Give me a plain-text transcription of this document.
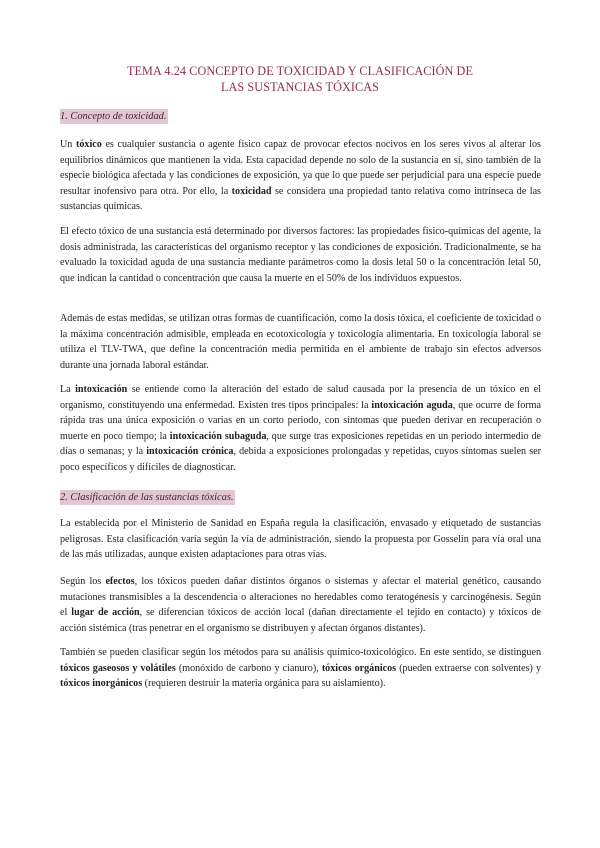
TEMA 4.24 CONCEPTO DE TOXICIDAD Y CLASIFICACIÓN DE
LAS SUSTANCIAS TÓXICAS
1. Concepto de toxicidad.

Un tóxico es cualquier sustancia o agente físico capaz de provocar efectos nocivos en los seres vivos al alterar los equilibrios dinámicos que mantienen la vida. Esta capacidad depende no solo de la sustancia en sí, sino también de la especie biológica afectada y las condiciones de exposición, ya que lo que puede ser perjudicial para una especie puede resultar inofensivo para otra. Por ello, la toxicidad se considera una propiedad tanto relativa como intrínseca de las sustancias químicas.

El efecto tóxico de una sustancia está determinado por diversos factores: las propiedades físico-químicas del agente, la dosis administrada, las características del organismo receptor y las condiciones de exposición. Tradicionalmente, se ha evaluado la toxicidad aguda de una sustancia mediante parámetros como la dosis letal 50 o la concentración letal 50, que indican la cantidad o concentración que causa la muerte en el 50% de los individuos expuestos.

Además de estas medidas, se utilizan otras formas de cuantificación, como la dosis tóxica, el coeficiente de toxicidad o la máxima concentración admisible, empleada en ecotoxicología y toxicología alimentaria. En toxicología laboral se utiliza el TLV-TWA, que define la concentración media permitida en el ambiente de trabajo sin efectos adversos durante una jornada laboral estándar.

La intoxicación se entiende como la alteración del estado de salud causada por la presencia de un tóxico en el organismo, constituyendo una enfermedad. Existen tres tipos principales: la intoxicación aguda, que ocurre de forma rápida tras una única exposición o varias en un corto periodo, con síntomas que pueden derivar en recuperación o muerte en poco tiempo; la intoxicación subaguda, que surge tras exposiciones repetidas en un periodo intermedio de días o semanas; y la intoxicación crónica, debida a exposiciones prolongadas y repetidas, cuyos síntomas suelen ser poco específicos y difíciles de diagnosticar.

2. Clasificación de las sustancias tóxicas.

La establecida por el Ministerio de Sanidad en España regula la clasificación, envasado y etiquetado de sustancias peligrosas. Esta clasificación varía según la vía de administración, siendo la propuesta por Gosselin para vía oral una de las más utilizadas, aunque existen adaptaciones para otras vías.

Según los efectos, los tóxicos pueden dañar distintos órganos o sistemas y afectar el material genético, causando mutaciones transmisibles a la descendencia o alteraciones no heredables como teratogénesis y carcinogénesis. Según el lugar de acción, se diferencian tóxicos de acción local (dañan directamente el tejido en contacto) y tóxicos de acción sistémica (tras penetrar en el organismo se distribuyen y afectan órganos distantes).

También se pueden clasificar según los métodos para su análisis químico-toxicológico. En este sentido, se distinguen tóxicos gaseosos y volátiles (monóxido de carbono y cianuro), tóxicos orgánicos (pueden extraerse con solventes) y tóxicos inorgánicos (requieren destruir la materia orgánica para su aislamiento).
